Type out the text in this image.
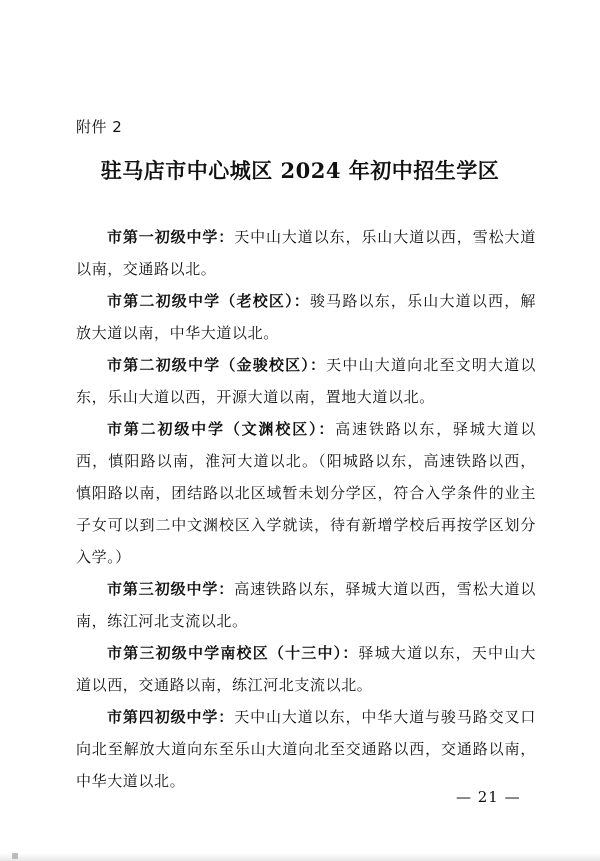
附件 2
驻马店市中心城区 2024 年初中招生学区

市第一初级中学：天中山大道以东，乐山大道以西，雪松大道以南，交通路以北。

市第二初级中学（老校区）：骏马路以东，乐山大道以西，解放大道以南，中华大道以北。

市第二初级中学（金骏校区）：天中山大道向北至文明大道以东，乐山大道以西，开源大道以南，置地大道以北。

市第二初级中学（文渊校区）：高速铁路以东，驿城大道以西，慎阳路以南，淮河大道以北。（阳城路以东，高速铁路以西，慎阳路以南，团结路以北区域暂未划分学区，符合入学条件的业主子女可以到二中文渊校区入学就读，待有新增学校后再按学区划分入学。）

市第三初级中学：高速铁路以东，驿城大道以西，雪松大道以南，练江河北支流以北。

市第三初级中学南校区（十三中）：驿城大道以东，天中山大道以西，交通路以南，练江河北支流以北。

市第四初级中学：天中山大道以东，中华大道与骏马路交叉口向北至解放大道向东至乐山大道向北至交通路以西，交通路以南，中华大道以北。

— 21 —
